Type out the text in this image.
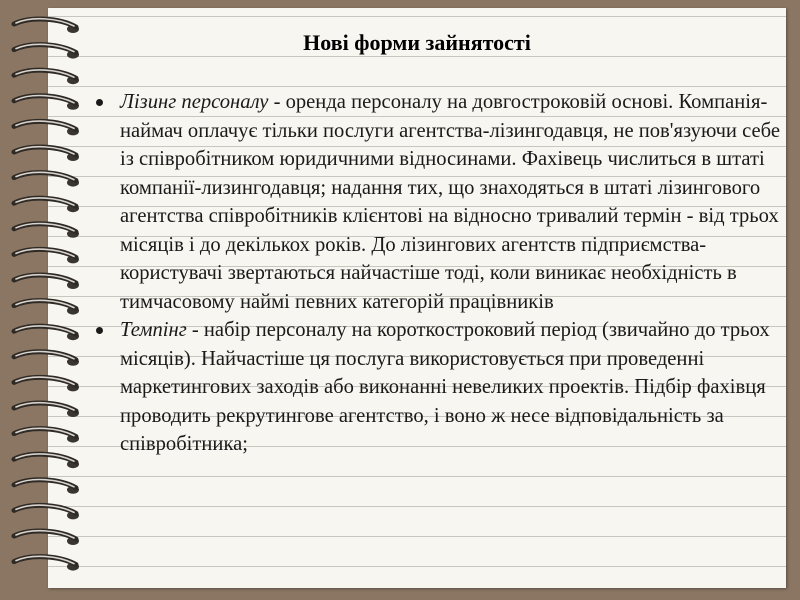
Нові форми зайнятості
Лізинг персоналу - оренда персоналу на довгостроковій основі. Компанія-наймач оплачує тільки послуги агентства-лізингодавця, не пов'язуючи себе із співробітником юридичними відносинами. Фахівець числиться в штаті компанії-лизингодавця; надання тих, що знаходяться в штаті лізингового агентства співробітників клієнтові на відносно тривалий термін - від трьох місяців і до декількох років. До лізингових агентств підприємства-користувачі звертаються найчастіше тоді, коли виникає необхідність в тимчасовому наймі певних категорій працівників
Темпінг - набір персоналу на короткостроковий період (звичайно до трьох місяців). Найчастіше ця послуга використовується при проведенні маркетингових заходів або виконанні невеликих проектів. Підбір фахівця проводить рекрутингове агентство, і воно ж несе відповідальність за співробітника;
